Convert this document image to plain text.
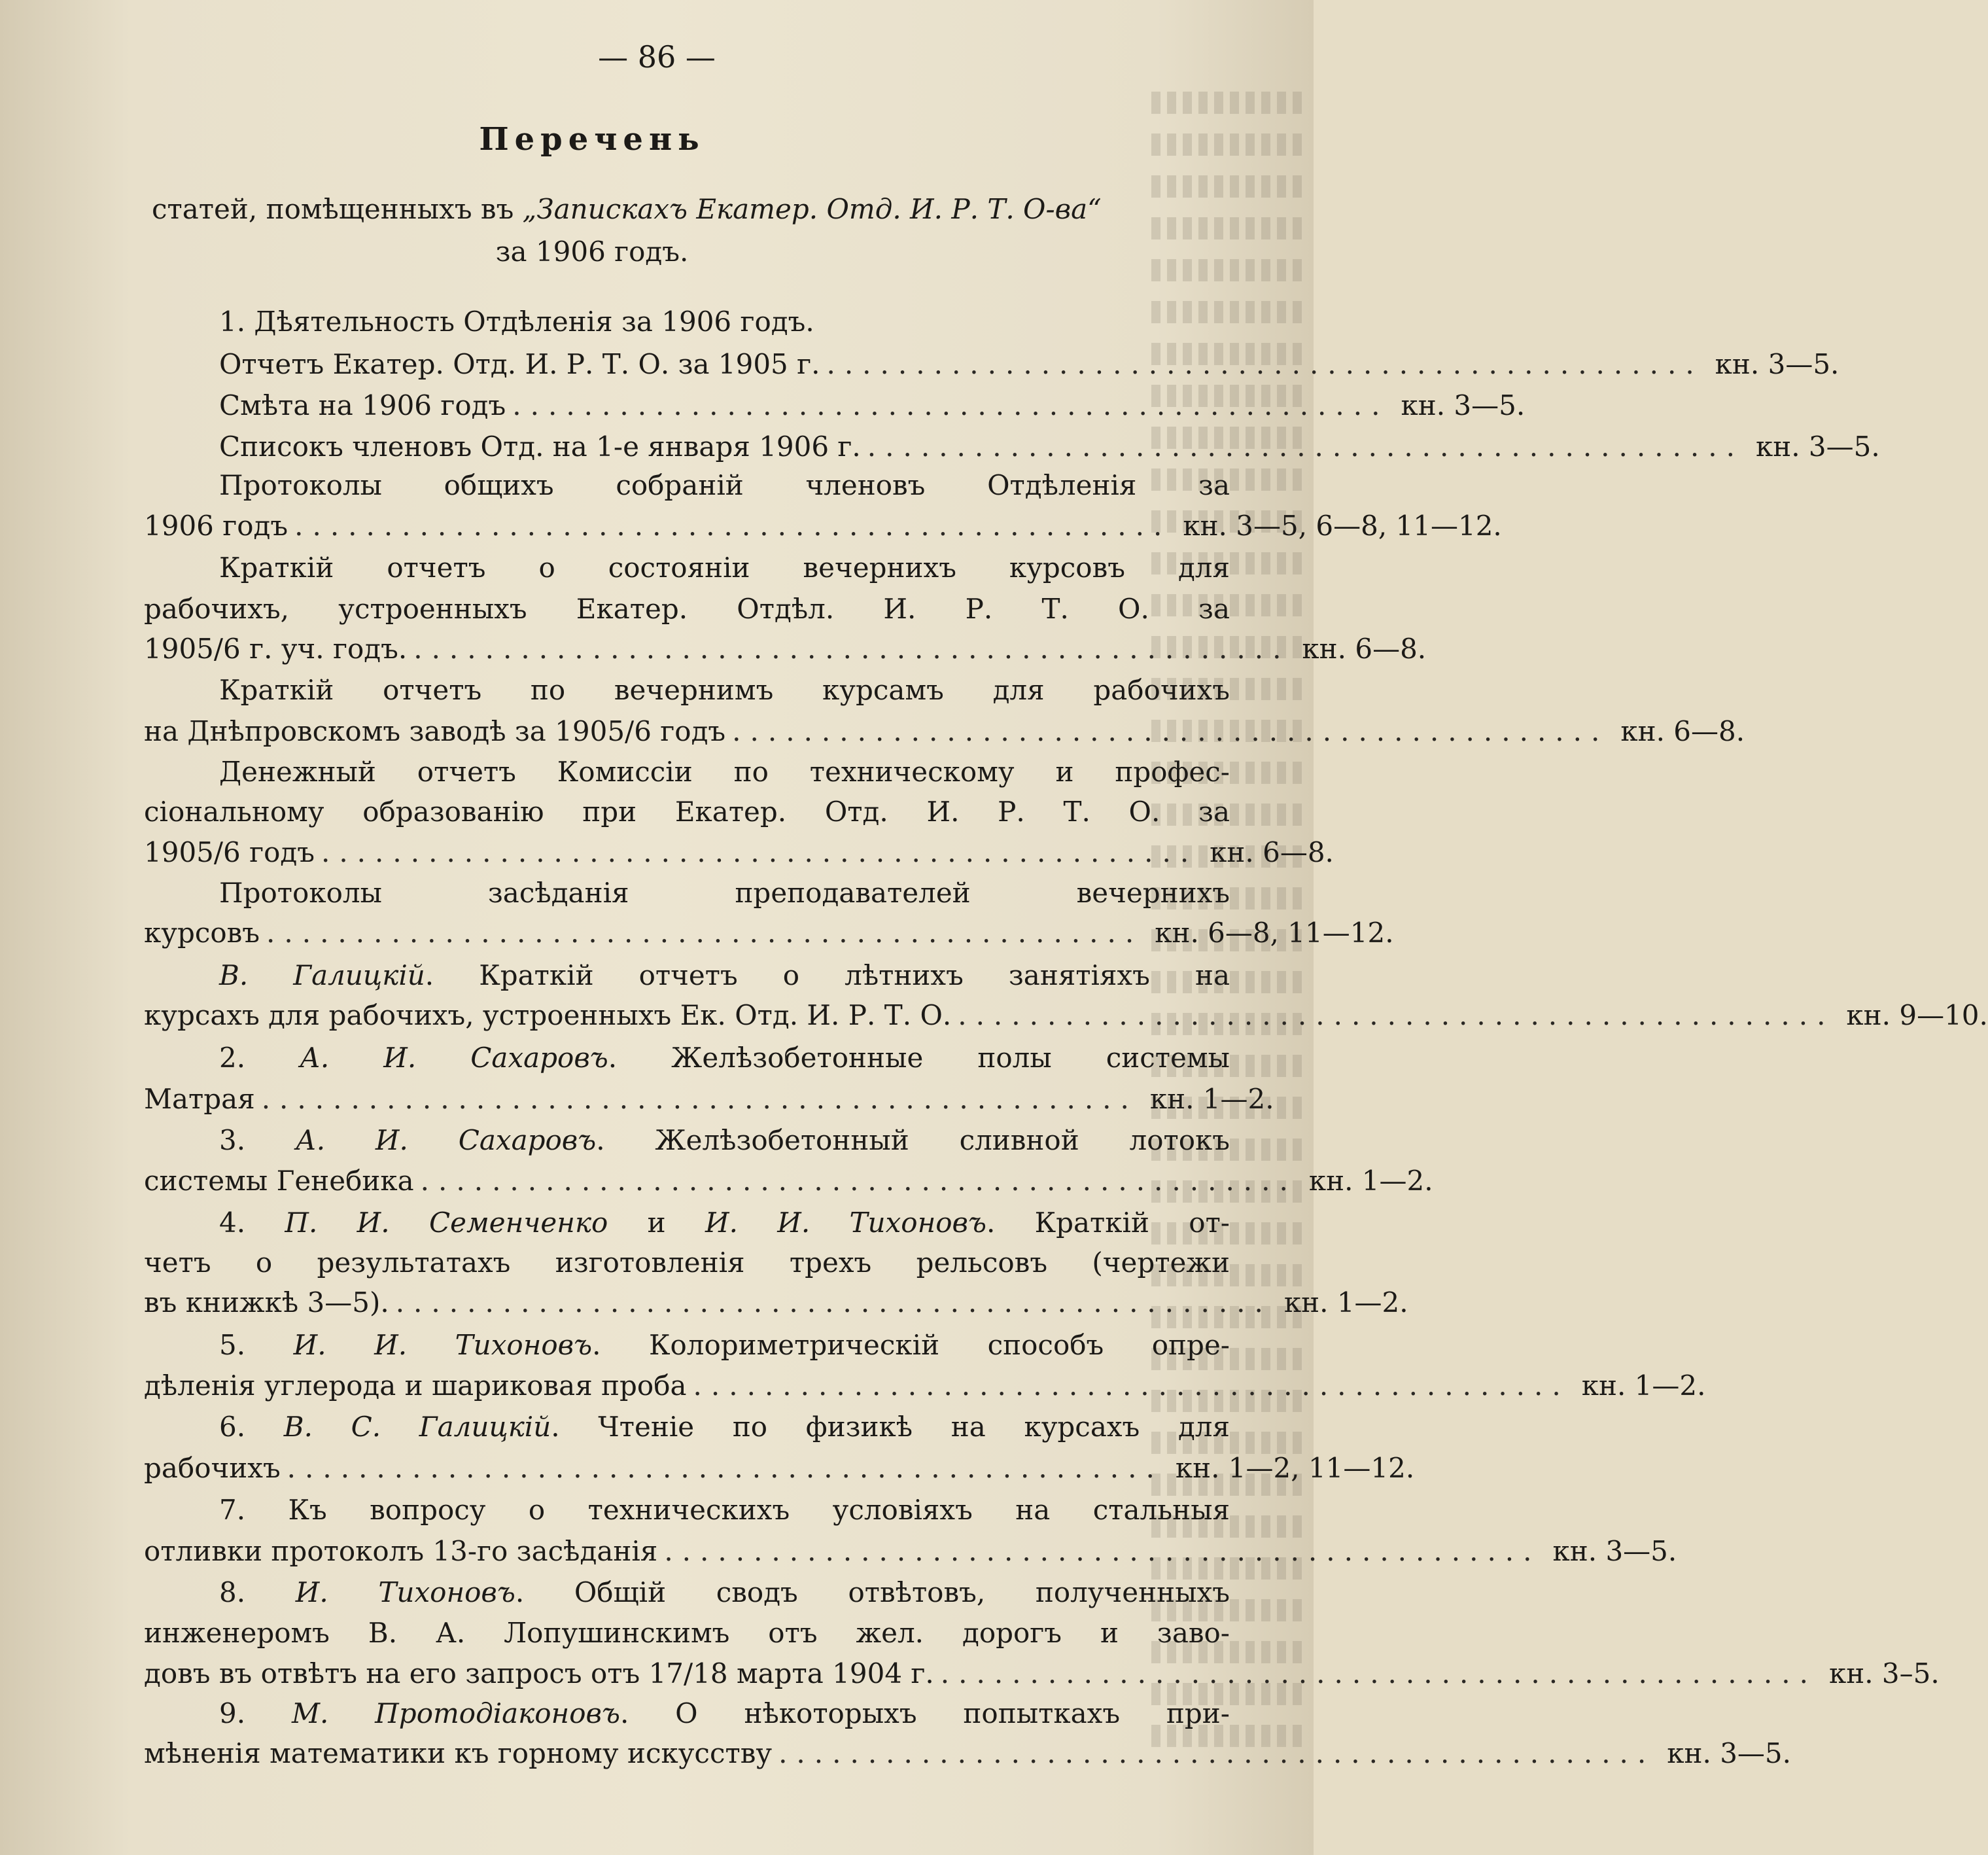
— 86 —
Перечень
статей, помѣщенныхъ въ „Запискахъ Екатер. Отд. И. Р. Т. О-ва“
за 1906 годъ.
1. Дѣятельность Отдѣленія за 1906 годъ.
Отчетъ Екатер. Отд. И. Р. Т. О. за 1905 г. ................................................. кн. 3—5.
Смѣта на 1906 годъ ................................................. кн. 3—5.
Списокъ членовъ Отд. на 1-е января 1906 г. ................................................. кн. 3—5.
Протоколы общихъ собраній членовъ Отдѣленія за
1906 годъ ................................................. кн. 3—5, 6—8, 11—12.
Краткій отчетъ о состояніи вечернихъ курсовъ для
рабочихъ, устроенныхъ Екатер. Отдѣл. И. Р. Т. О. за
1905/6 г. уч. годъ. ................................................. кн. 6—8.
Краткій отчетъ по вечернимъ курсамъ для рабочихъ
на Днѣпровскомъ заводѣ за 1905/6 годъ ................................................. кн. 6—8.
Денежный отчетъ Комиссіи по техническому и профес-
сіональному образованію при Екатер. Отд. И. Р. Т. О. за
1905/6 годъ ................................................. кн. 6—8.
Протоколы засѣданія преподавателей вечернихъ
курсовъ ................................................. кн. 6—8, 11—12.
В. Галицкій. Краткій отчетъ о лѣтнихъ занятіяхъ на
курсахъ для рабочихъ, устроенныхъ Ек. Отд. И. Р. Т. О. ................................................. кн. 9—10.
2. А. И. Сахаровъ. Желѣзобетонные полы системы
Матрая ................................................. кн. 1—2.
3. А. И. Сахаровъ. Желѣзобетонный сливной лотокъ
системы Генебика ................................................. кн. 1—2.
4. П. И. Семенченко и И. И. Тихоновъ. Краткій от-
четъ о результатахъ изготовленія трехъ рельсовъ (чертежи
въ книжкѣ 3—5). ................................................. кн. 1—2.
5. И. И. Тихоновъ. Колориметрическій способъ опре-
дѣленія углерода и шариковая проба ................................................. кн. 1—2.
6. В. С. Галицкій. Чтеніе по физикѣ на курсахъ для
рабочихъ ................................................. кн. 1—2, 11—12.
7. Къ вопросу о техническихъ условіяхъ на стальныя
отливки протоколъ 13-го засѣданія ................................................. кн. 3—5.
8. И. Тихоновъ. Общій сводъ отвѣтовъ, полученныхъ
инженеромъ В. А. Лопушинскимъ отъ жел. дорогъ и заво-
довъ въ отвѣтъ на его запросъ отъ 17/18 марта 1904 г. ................................................. кн. 3–5.
9. М. Протодіаконовъ. О нѣкоторыхъ попыткахъ при-
мѣненія математики къ горному искусству ................................................. кн. 3—5.
